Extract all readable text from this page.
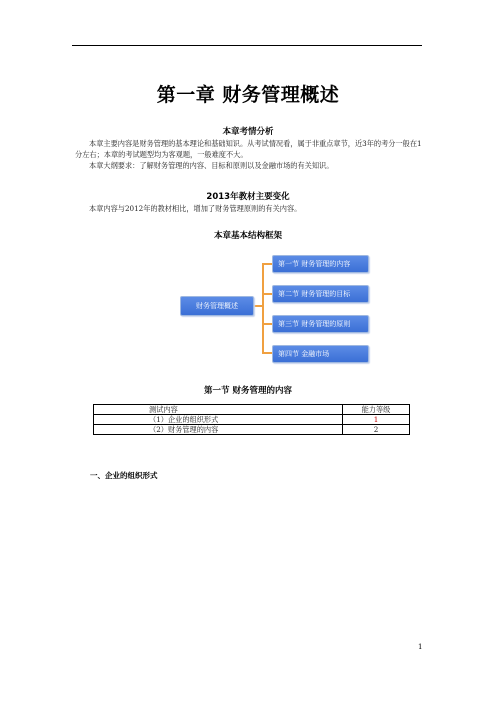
第一章 财务管理概述
本章考情分析

本章主要内容是财务管理的基本理论和基础知识。从考试情况看，属于非重点章节，近3年的考分一般在1分左右；本章的考试题型均为客观题，一般难度不大。

本章大纲要求：了解财务管理的内容、目标和原则以及金融市场的有关知识。

2013年教材主要变化

本章内容与2012年的教材相比，增加了财务管理原则的有关内容。

本章基本结构框架
财务管理概述
第一节 财务管理的内容
第二节 财务管理的目标
第三节 财务管理的原则
第四节 金融市场
第一节 财务管理的内容
测试内容	能力等级
（1）企业的组织形式	1
（2）财务管理的内容	2
一、企业的组织形式
1
